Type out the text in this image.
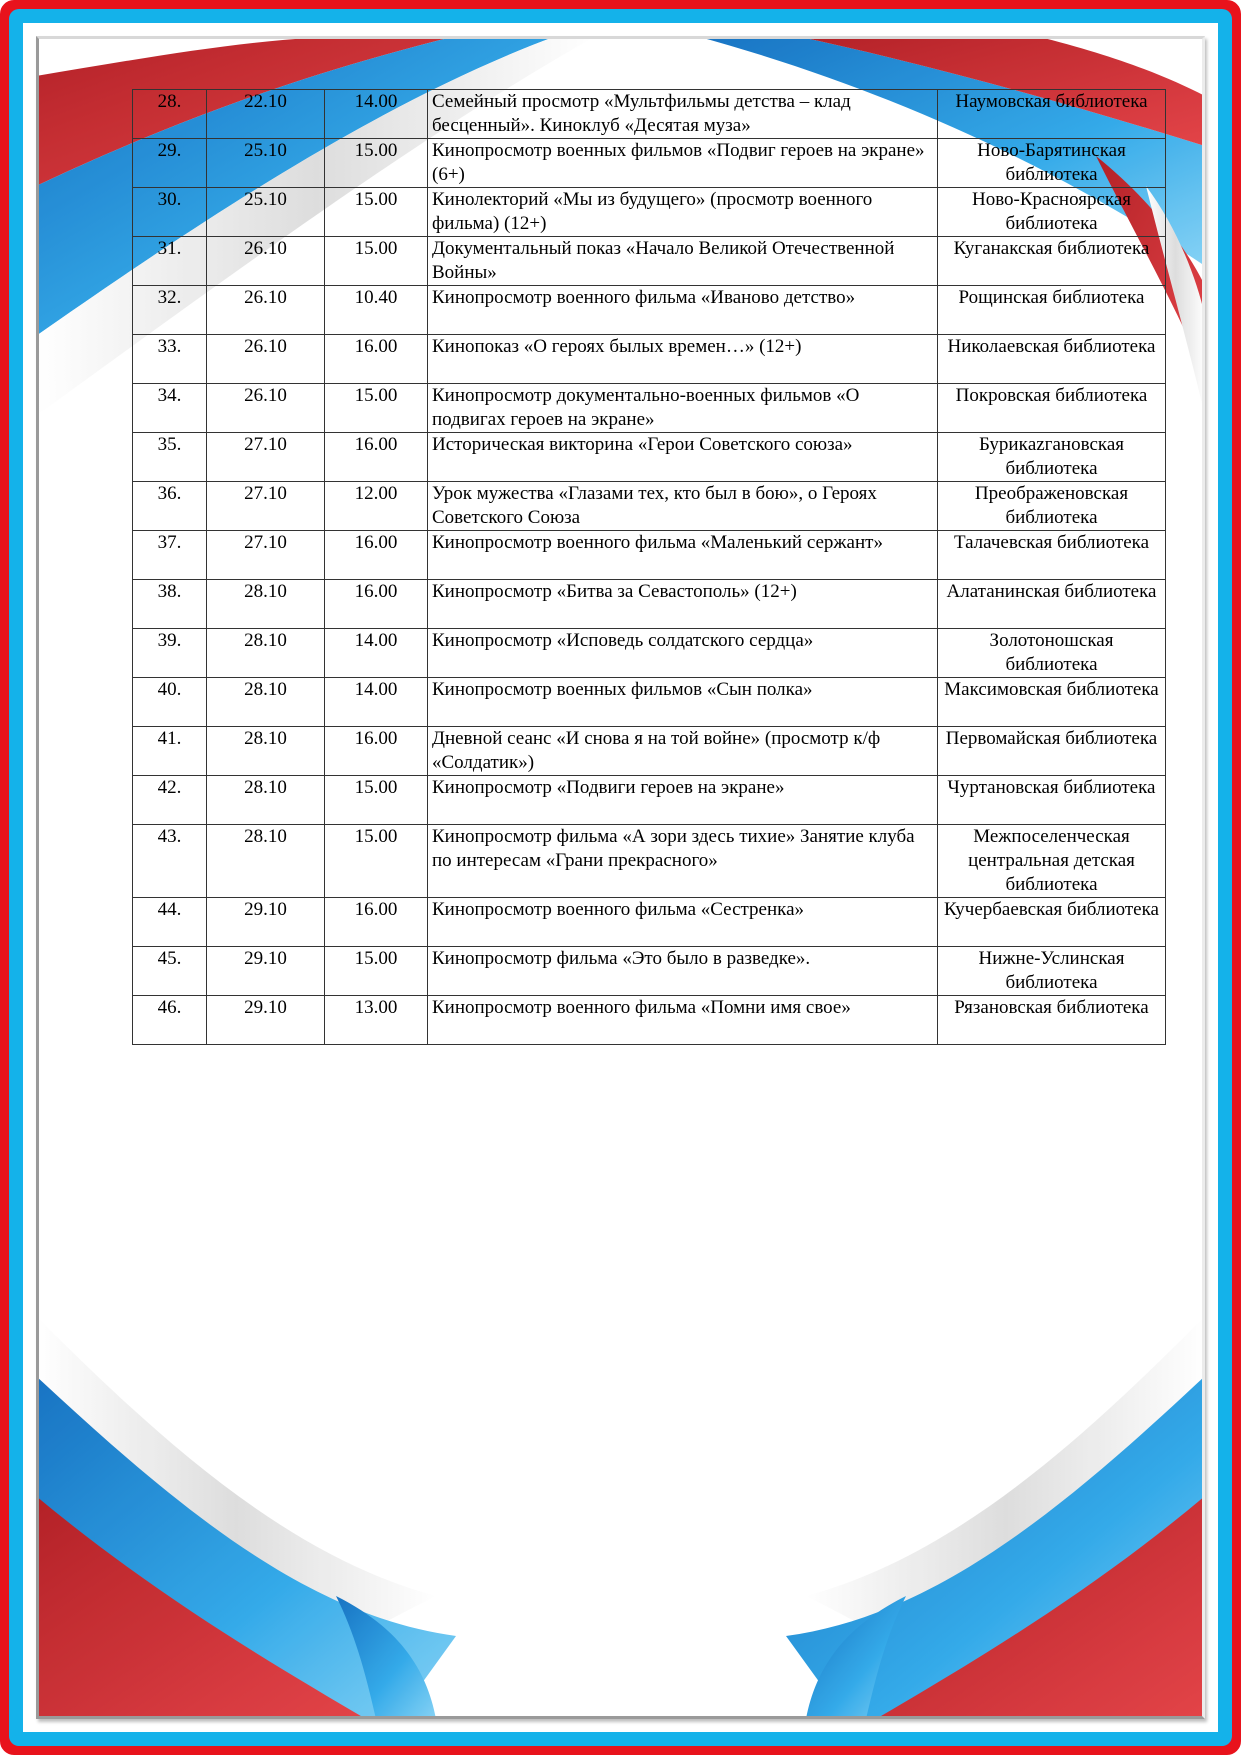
28.	22.10	14.00	Семейный просмотр «Мультфильмы детства – клад бесценный». Киноклуб «Десятая муза»	Наумовская библиотека
29.	25.10	15.00	Кинопросмотр военных фильмов «Подвиг героев на экране» (6+)	Ново-Барятинская библиотека
30.	25.10	15.00	Кинолекторий «Мы из будущего» (просмотр военного фильма) (12+)	Ново-Красноярская библиотека
31.	26.10	15.00	Документальный показ «Начало Великой Отечественной Войны»	Куганакская библиотека
32.	26.10	10.40	Кинопросмотр военного фильма «Иваново детство»	Рощинская библиотека
33.	26.10	16.00	Кинопоказ «О героях былых времен…» (12+)	Николаевская библиотека
34.	26.10	15.00	Кинопросмотр документально-военных фильмов «О подвигах героев на экране»	Покровская библиотека
35.	27.10	16.00	Историческая викторина «Герои Советского союза»	Бурикazгановская библиотека
36.	27.10	12.00	Урок мужества «Глазами тех, кто был в бою», о Героях Советского Союза	Преображеновская библиотека
37.	27.10	16.00	Кинопросмотр военного фильма «Маленький сержант»	Талачевская библиотека
38.	28.10	16.00	Кинопросмотр «Битва за Севастополь» (12+)	Алатанинская библиотека
39.	28.10	14.00	Кинопросмотр «Исповедь солдатского сердца»	Золотоношская библиотека
40.	28.10	14.00	Кинопросмотр военных фильмов «Сын полка»	Максимовская библиотека
41.	28.10	16.00	Дневной сеанс «И снова я на той войне» (просмотр к/ф «Солдатик»)	Первомайская библиотека
42.	28.10	15.00	Кинопросмотр «Подвиги героев на экране»	Чуртановская библиотека
43.	28.10	15.00	Кинопросмотр фильма «А зори здесь тихие» Занятие клуба по интересам «Грани прекрасного»	Межпоселенческая центральная детская библиотека
44.	29.10	16.00	Кинопросмотр военного фильма «Сестренка»	Кучербаевская библиотека
45.	29.10	15.00	Кинопросмотр фильма «Это было в разведке».	Нижне-Услинская библиотека
46.	29.10	13.00	Кинопросмотр военного фильма «Помни имя свое»	Рязановская библиотека
